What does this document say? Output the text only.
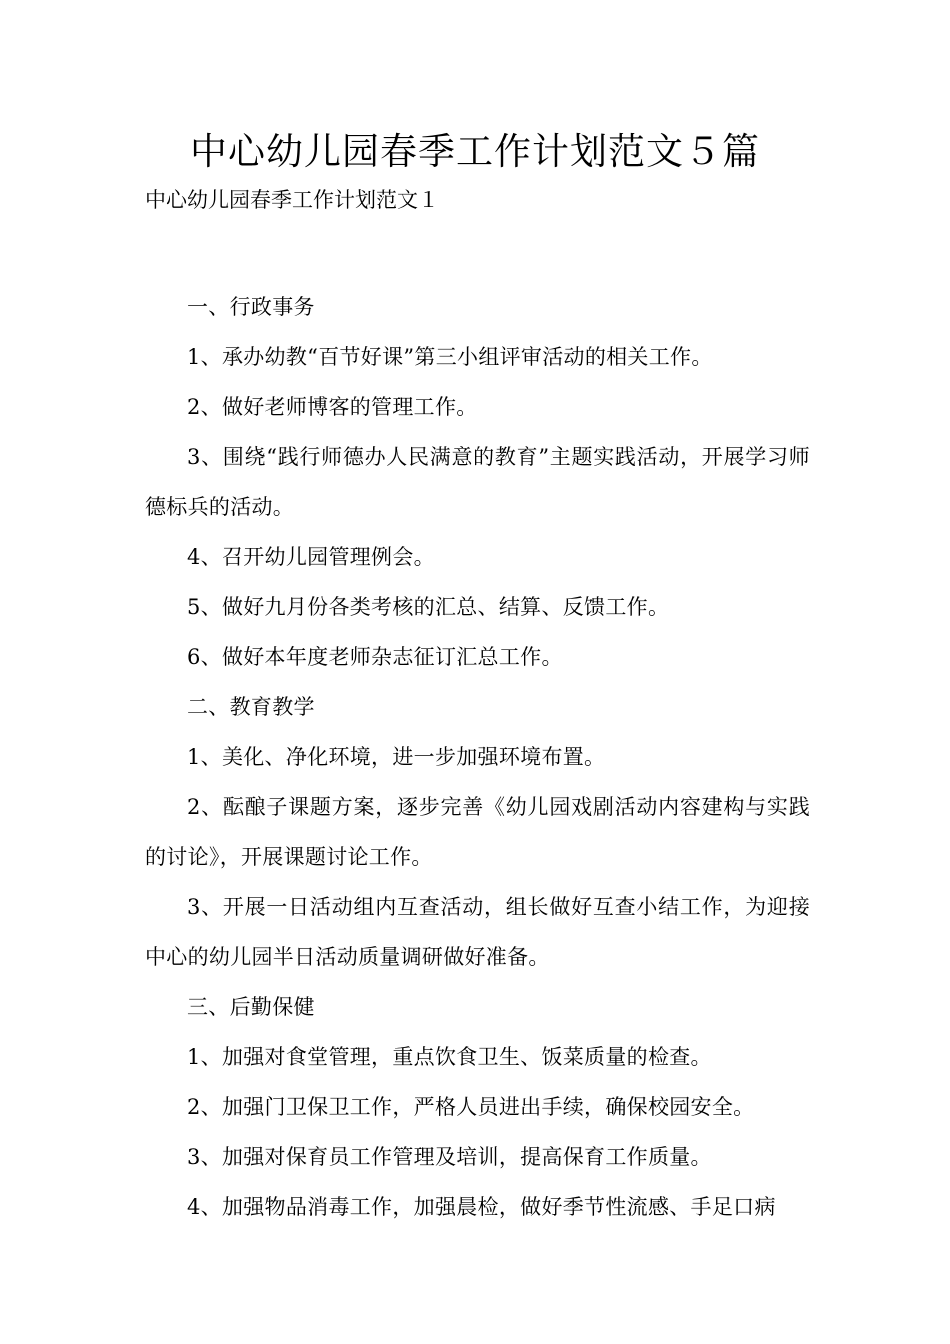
中心幼儿园春季工作计划范文５篇

中心幼儿园春季工作计划范文１

一、行政事务

1、承办幼教“百节好课”第三小组评审活动的相关工作。

2、做好老师博客的管理工作。

3、围绕“践行师德办人民满意的教育”主题实践活动，开展学习师德标兵的活动。

4、召开幼儿园管理例会。

5、做好九月份各类考核的汇总、结算、反馈工作。

6、做好本年度老师杂志征订汇总工作。

二、教育教学

1、美化、净化环境，进一步加强环境布置。

2、酝酿子课题方案，逐步完善《幼儿园戏剧活动内容建构与实践的讨论》，开展课题讨论工作。

3、开展一日活动组内互查活动，组长做好互查小结工作，为迎接中心的幼儿园半日活动质量调研做好准备。

三、后勤保健

1、加强对食堂管理，重点饮食卫生、饭菜质量的检查。

2、加强门卫保卫工作，严格人员进出手续，确保校园安全。

3、加强对保育员工作管理及培训，提高保育工作质量。

4、加强物品消毒工作，加强晨检，做好季节性流感、手足口病
